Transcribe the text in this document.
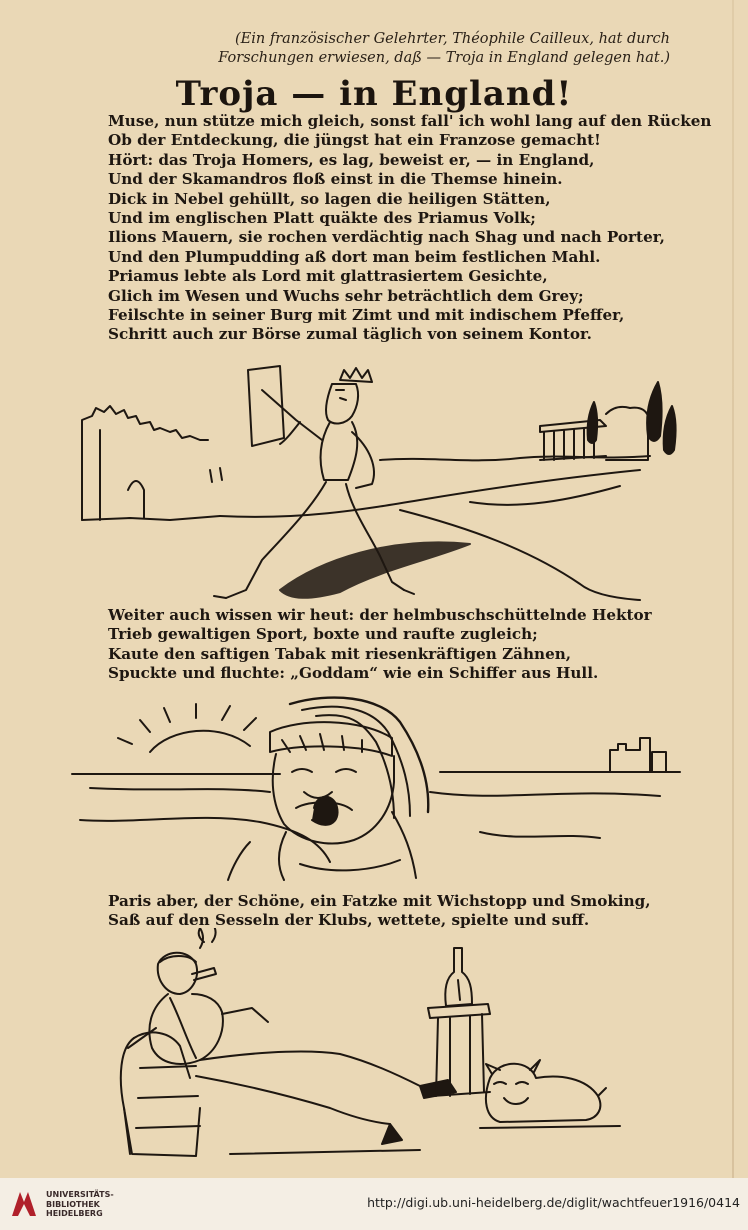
(Ein französischer Gelehrter, Théophile Cailleux, hat durch
Forschungen erwiesen, daß — Troja in England gelegen hat.)
Troja — in England!
Muse, nun stütze mich gleich, sonst fall' ich wohl lang auf den Rücken
Ob der Entdeckung, die jüngst hat ein Franzose gemacht!
Hört: das Troja Homers, es lag, beweist er, — in England,
Und der Skamandros floß einst in die Themse hinein.
Dick in Nebel gehüllt, so lagen die heiligen Stätten,
Und im englischen Platt quäkte des Priamus Volk;
Ilions Mauern, sie rochen verdächtig nach Shag und nach Porter,
Und den Plumpudding aß dort man beim festlichen Mahl.
Priamus lebte als Lord mit glattrasiertem Gesichte,
Glich im Wesen und Wuchs sehr beträchtlich dem Grey;
Feilschte in seiner Burg mit Zimt und mit indischem Pfeffer,
Schritt auch zur Börse zumal täglich von seinem Kontor.
Weiter auch wissen wir heut: der helmbuschschüttelnde Hektor
Trieb gewaltigen Sport, boxte und raufte zugleich;
Kaute den saftigen Tabak mit riesenkräftigen Zähnen,
Spuckte und fluchte: „Goddam“ wie ein Schiffer aus Hull.
Paris aber, der Schöne, ein Fatzke mit Wichstopp und Smoking,
Saß auf den Sesseln der Klubs, wettete, spielte und suff.
UNIVERSITÄTS-
BIBLIOTHEK
HEIDELBERG
http://digi.ub.uni-heidelberg.de/diglit/wachtfeuer1916/0414
